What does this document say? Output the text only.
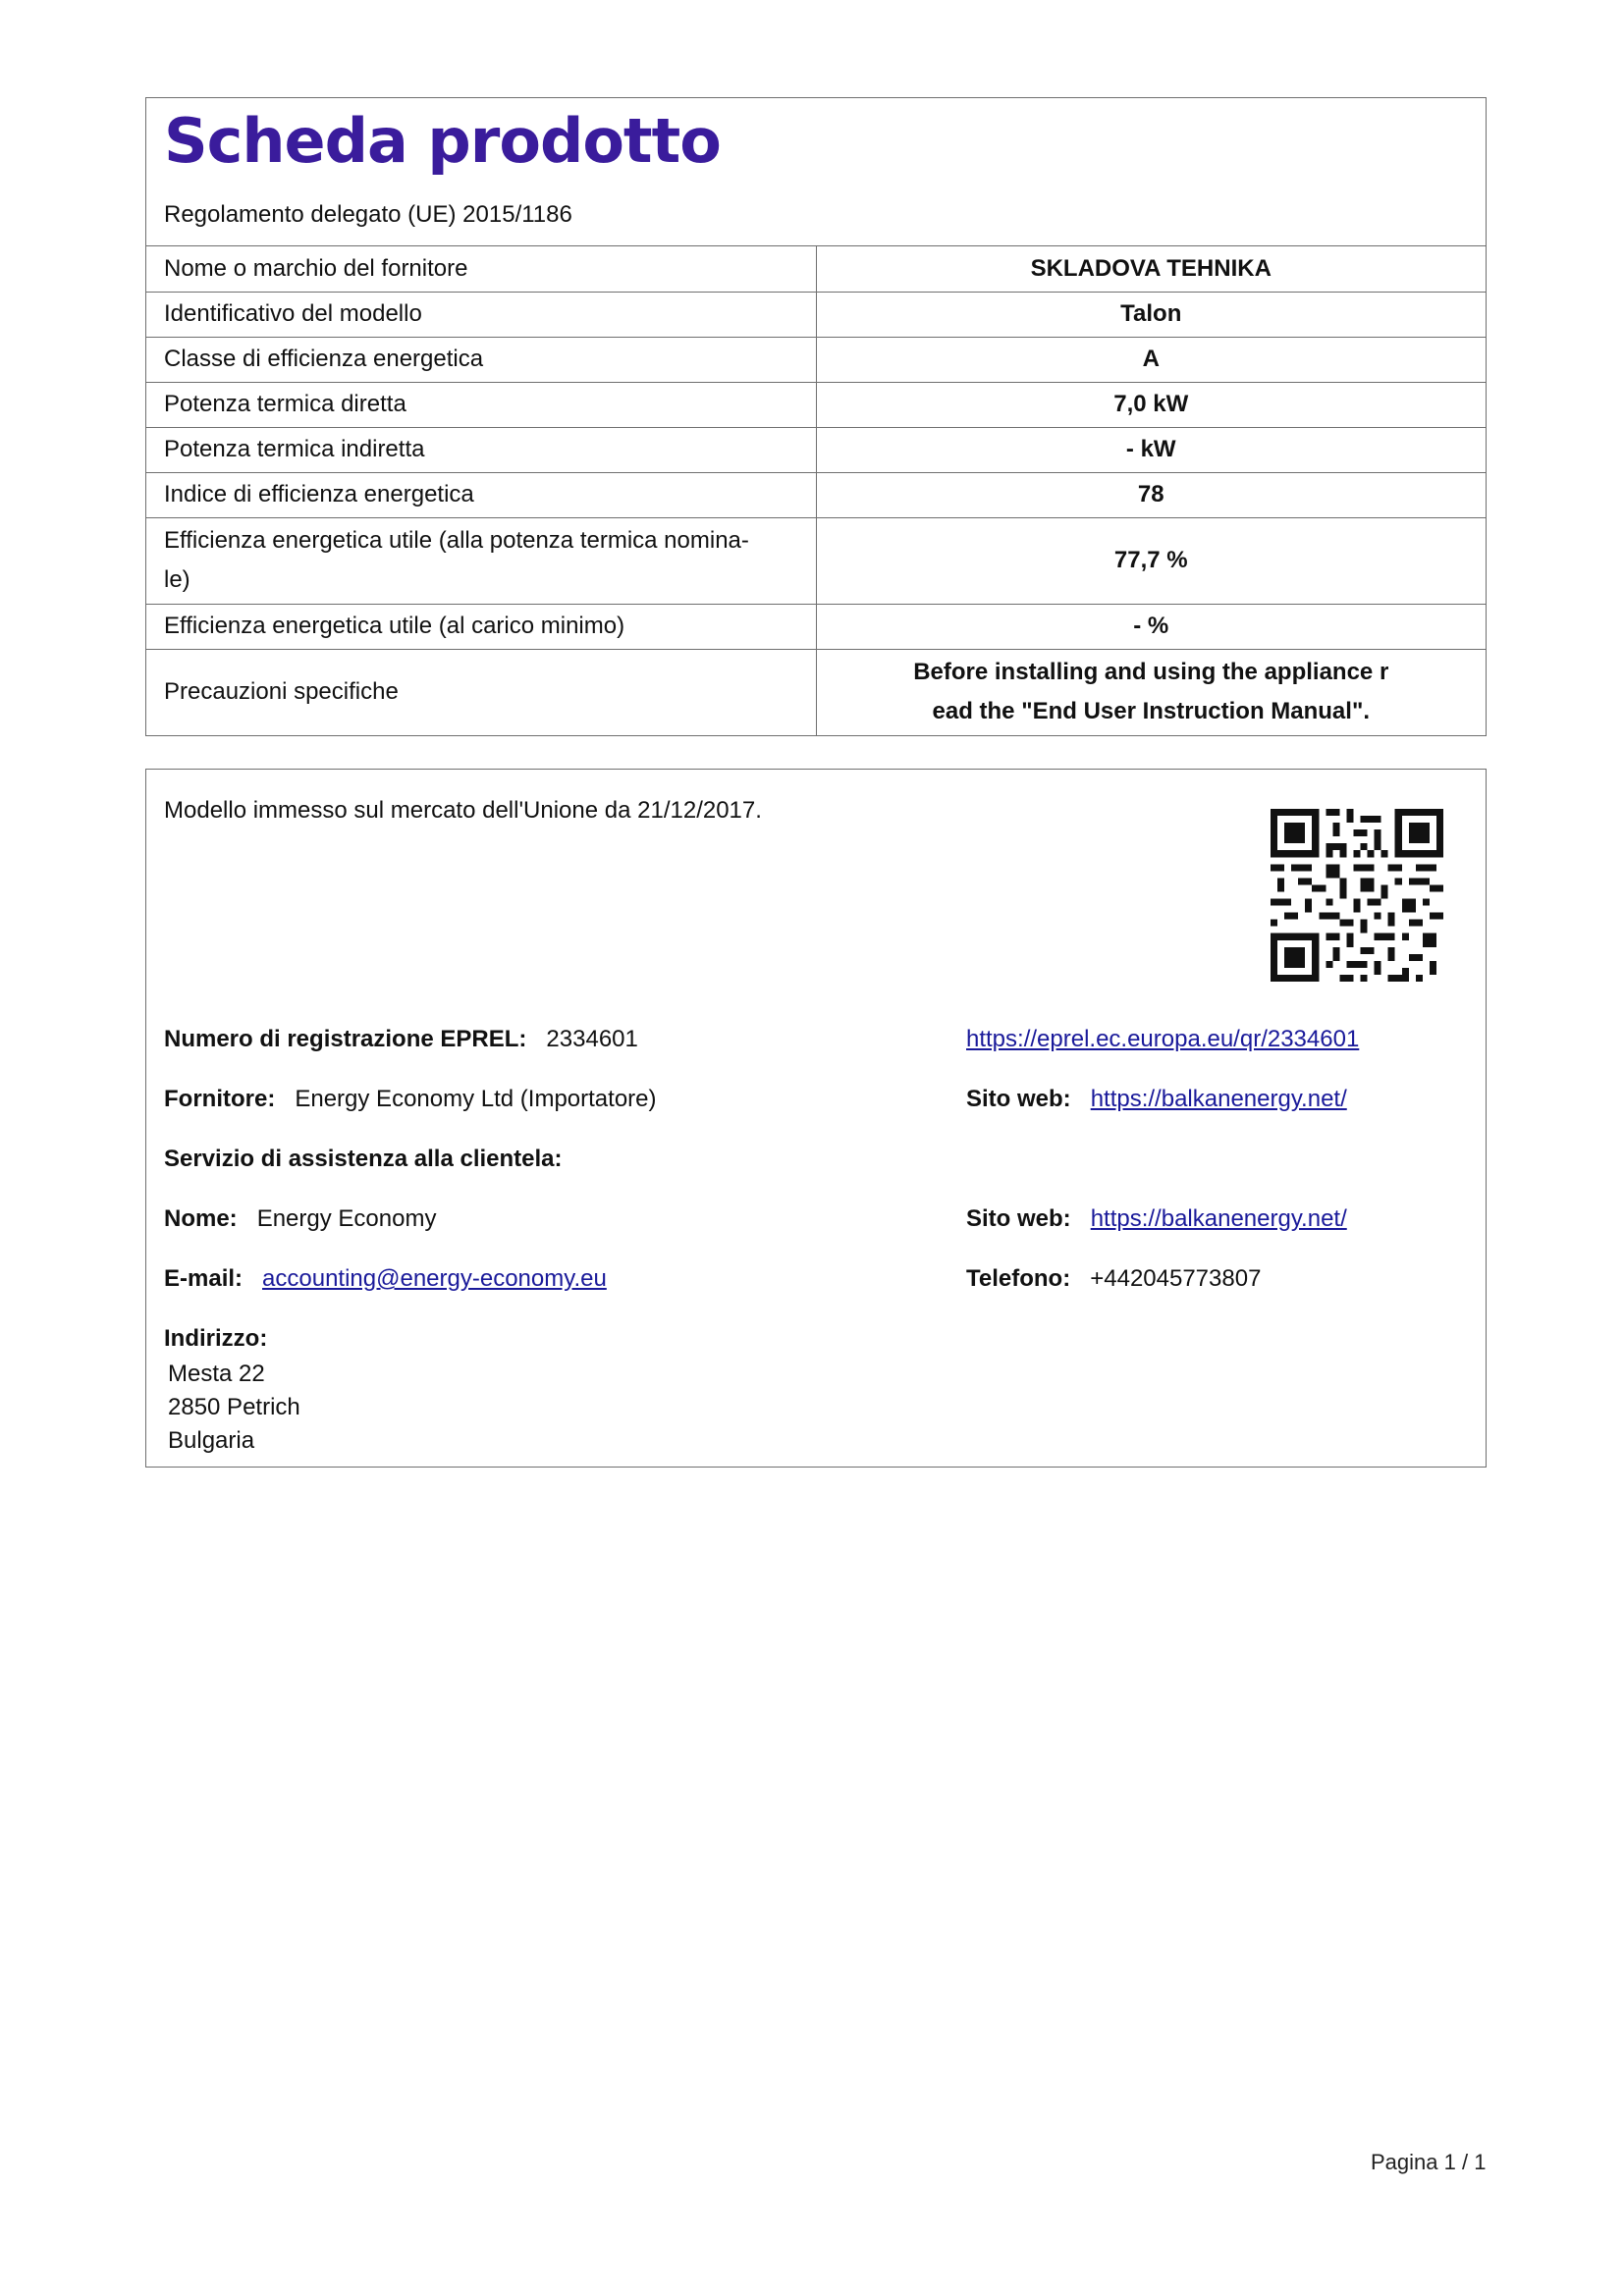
Scheda prodotto
Regolamento delegato (UE) 2015/1186
Nome o marchio del fornitore	SKLADOVA TEHNIKA
Identificativo del modello	Talon
Classe di efficienza energetica	A
Potenza termica diretta	7,0 kW
Potenza termica indiretta	- kW
Indice di efficienza energetica	78
Efficienza energetica utile (alla potenza termica nomina-
le)	77,7 %
Efficienza energetica utile (al carico minimo)	- %
Precauzioni specifiche	Before installing and using the appliance r
ead the "End User Instruction Manual".
Modello immesso sul mercato dell'Unione da 21/12/2017.
Numero di registrazione EPREL: 2334601	https://eprel.ec.europa.eu/qr/2334601
Fornitore: Energy Economy Ltd (Importatore)	Sito web: https://balkanenergy.net/
Servizio di assistenza alla clientela:
Nome: Energy Economy	Sito web: https://balkanenergy.net/
E-mail: accounting@energy-economy.eu	Telefono: +442045773807
Indirizzo:
Mesta 22
2850 Petrich
Bulgaria
Pagina 1 / 1
